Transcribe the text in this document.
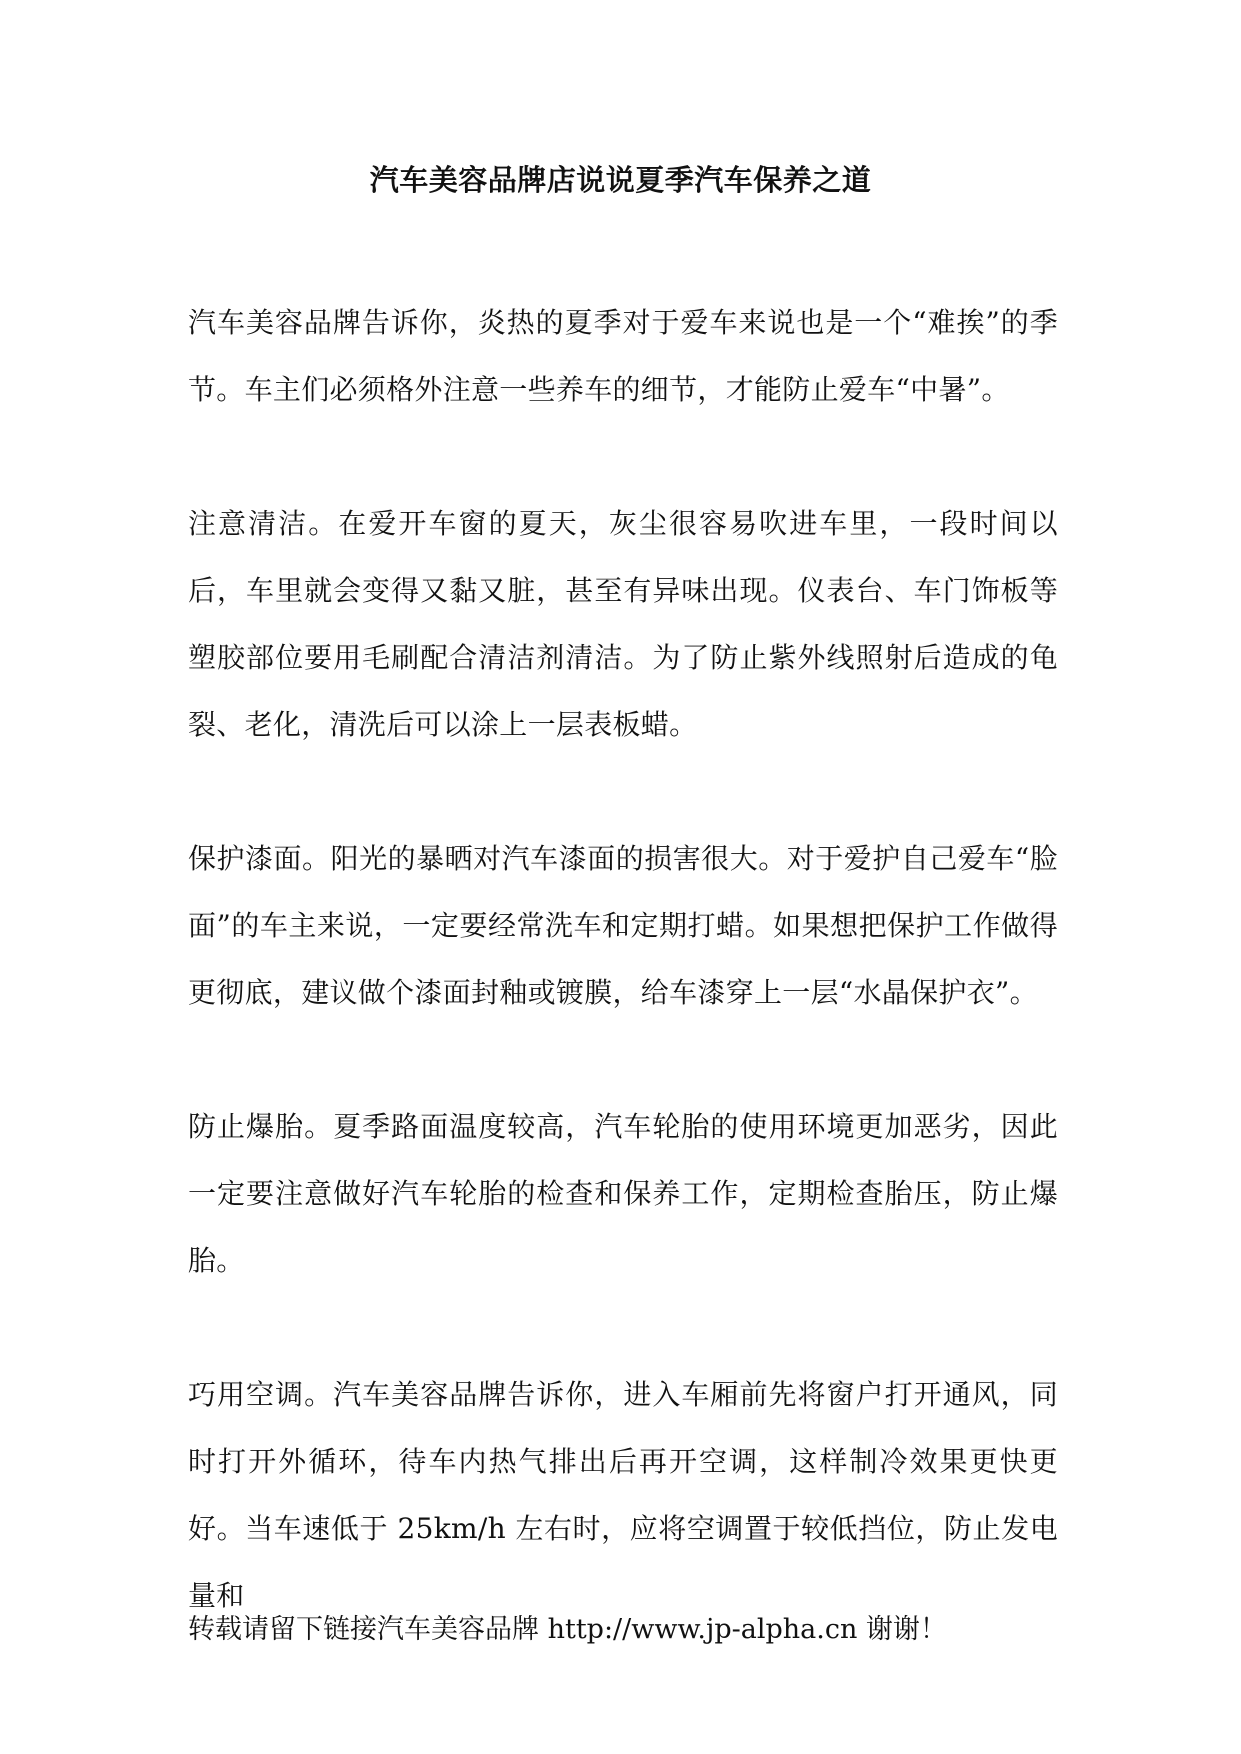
汽车美容品牌店说说夏季汽车保养之道

汽车美容品牌告诉你，炎热的夏季对于爱车来说也是一个“难挨”的季节。车主们必须格外注意一些养车的细节，才能防止爱车“中暑”。

注意清洁。在爱开车窗的夏天，灰尘很容易吹进车里，一段时间以后，车里就会变得又黏又脏，甚至有异味出现。仪表台、车门饰板等塑胶部位要用毛刷配合清洁剂清洁。为了防止紫外线照射后造成的龟裂、老化，清洗后可以涂上一层表板蜡。

保护漆面。阳光的暴晒对汽车漆面的损害很大。对于爱护自己爱车“脸面”的车主来说，一定要经常洗车和定期打蜡。如果想把保护工作做得更彻底，建议做个漆面封釉或镀膜，给车漆穿上一层“水晶保护衣”。

防止爆胎。夏季路面温度较高，汽车轮胎的使用环境更加恶劣，因此一定要注意做好汽车轮胎的检查和保养工作，定期检查胎压，防止爆胎。

巧用空调。汽车美容品牌告诉你，进入车厢前先将窗户打开通风，同时打开外循环，待车内热气排出后再开空调，这样制冷效果更快更好。当车速低于 25km/h 左右时，应将空调置于较低挡位，防止发电量和

转载请留下链接汽车美容品牌 http://www.jp-alpha.cn 谢谢！
